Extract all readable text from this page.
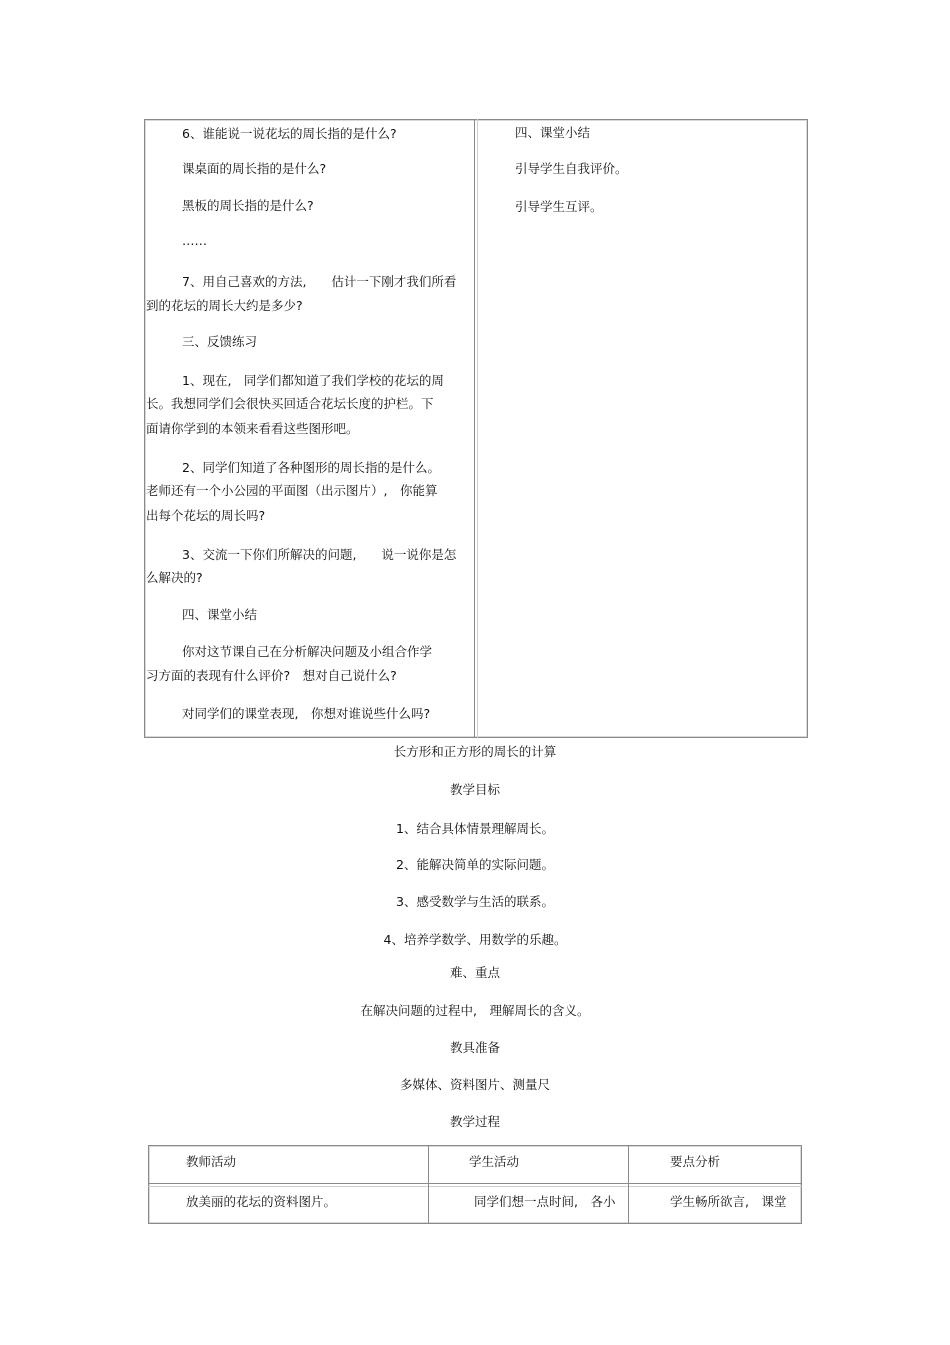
6、谁能说一说花坛的周长指的是什么?
课桌面的周长指的是什么?
黑板的周长指的是什么?
……
7、用自己喜欢的方法,　　估计一下刚才我们所看
到的花坛的周长大约是多少?
三、反馈练习
1、现在,　同学们都知道了我们学校的花坛的周
长。我想同学们会很快买回适合花坛长度的护栏。下
面请你学到的本领来看看这些图形吧。
2、同学们知道了各种图形的周长指的是什么。
老师还有一个小公园的平面图（出示图片）,　你能算
出每个花坛的周长吗?
3、交流一下你们所解决的问题,　　说一说你是怎
么解决的?
四、课堂小结
你对这节课自己在分析解决问题及小组合作学
习方面的表现有什么评价?　想对自己说什么?
对同学们的课堂表现,　你想对谁说些什么吗?
四、课堂小结
引导学生自我评价。
引导学生互评。
长方形和正方形的周长的计算
教学目标
1、结合具体情景理解周长。
2、能解决简单的实际问题。
3、感受数学与生活的联系。
4、培养学数学、用数学的乐趣。
难、重点
在解决问题的过程中,　理解周长的含义。
教具准备
多媒体、资料图片、测量尺
教学过程
教师活动	学生活动	要点分析
放美丽的花坛的资料图片。	同学们想一点时间,　各小	学生畅所欲言,　课堂
